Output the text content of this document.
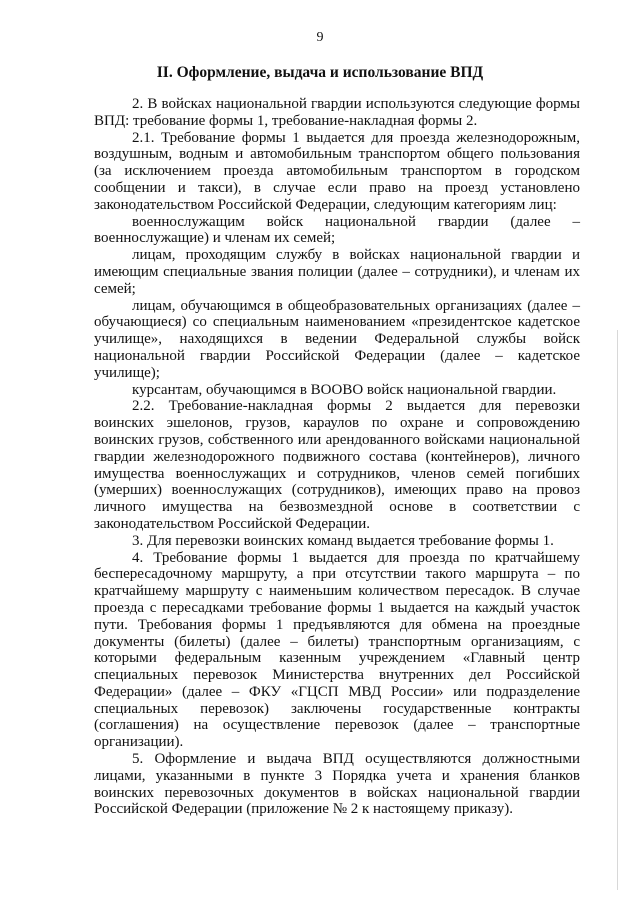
9
II. Оформление, выдача и использование ВПД

2. В войсках национальной гвардии используются следующие формы ВПД: требование формы 1, требование-накладная формы 2.

2.1. Требование формы 1 выдается для проезда железнодорожным, воздушным, водным и автомобильным транспортом общего пользования (за исключением проезда автомобильным транспортом в городском сообщении и такси), в случае если право на проезд установлено законодательством Российской Федерации, следующим категориям лиц:

военнослужащим войск национальной гвардии (далее – военнослужащие) и членам их семей;

лицам, проходящим службу в войсках национальной гвардии и имеющим специальные звания полиции (далее – сотрудники), и членам их семей;

лицам, обучающимся в общеобразовательных организациях (далее – обучающиеся) со специальным наименованием «президентское кадетское училище», находящихся в ведении Федеральной службы войск национальной гвардии Российской Федерации (далее – кадетское училище);

курсантам, обучающимся в ВООВО войск национальной гвардии.

2.2. Требование-накладная формы 2 выдается для перевозки воинских эшелонов, грузов, караулов по охране и сопровождению воинских грузов, собственного или арендованного войсками национальной гвардии железнодорожного подвижного состава (контейнеров), личного имущества военнослужащих и сотрудников, членов семей погибших (умерших) военнослужащих (сотрудников), имеющих право на провоз личного имущества на безвозмездной основе в соответствии с законодательством Российской Федерации.

3. Для перевозки воинских команд выдается требование формы 1.

4. Требование формы 1 выдается для проезда по кратчайшему беспересадочному маршруту, а при отсутствии такого маршрута – по кратчайшему маршруту с наименьшим количеством пересадок. В случае проезда с пересадками требование формы 1 выдается на каждый участок пути. Требования формы 1 предъявляются для обмена на проездные документы (билеты) (далее – билеты) транспортным организациям, с которыми федеральным казенным учреждением «Главный центр специальных перевозок Министерства внутренних дел Российской Федерации» (далее – ФКУ «ГЦСП МВД России» или подразделение специальных перевозок) заключены государственные контракты (соглашения) на осуществление перевозок (далее – транспортные организации).

5. Оформление и выдача ВПД осуществляются должностными лицами, указанными в пункте 3 Порядка учета и хранения бланков воинских перевозочных документов в войсках национальной гвардии Российской Федерации (приложение № 2 к настоящему приказу).
